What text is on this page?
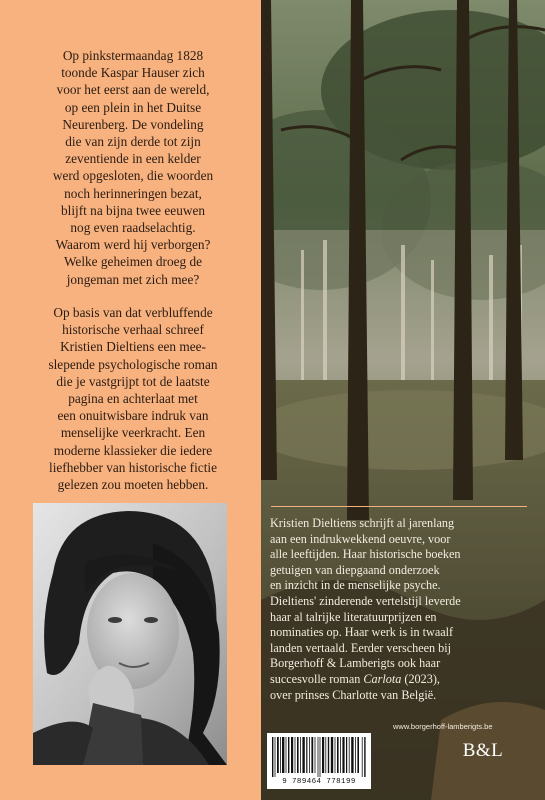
Op pinkstermaandag 1828
toonde Kaspar Hauser zich
voor het eerst aan de wereld,
op een plein in het Duitse
Neurenberg. De vondeling
die van zijn derde tot zijn
zeventiende in een kelder
werd opgesloten, die woorden
noch herinneringen bezat,
blijft na bijna twee eeuwen
nog even raadselachtig.
Waarom werd hij verborgen?
Welke geheimen droeg de
jongeman met zich mee?

Op basis van dat verbluffende
historische verhaal schreef
Kristien Dieltiens een mee-
slepende psychologische roman
die je vastgrijpt tot de laatste
pagina en achterlaat met
een onuitwisbare indruk van
menselijke veerkracht. Een
moderne klassieker die iedere
liefhebber van historische fictie
gelezen zou moeten hebben.

Kristien Dieltiens schrijft al jarenlang
aan een indrukwekkend oeuvre, voor
alle leeftijden. Haar historische boeken
getuigen van diepgaand onderzoek
en inzicht in de menselijke psyche.
Dieltiens' zinderende vertelstijl leverde
haar al talrijke literatuurprijzen en
nominaties op. Haar werk is in twaalf
landen vertaald. Eerder verscheen bij
Borgerhoff & Lamberigts ook haar
succesvolle roman Carlota (2023),
over prinses Charlotte van België.
www.borgerhoff-lamberigts.be
9 789464 778199
B&L
